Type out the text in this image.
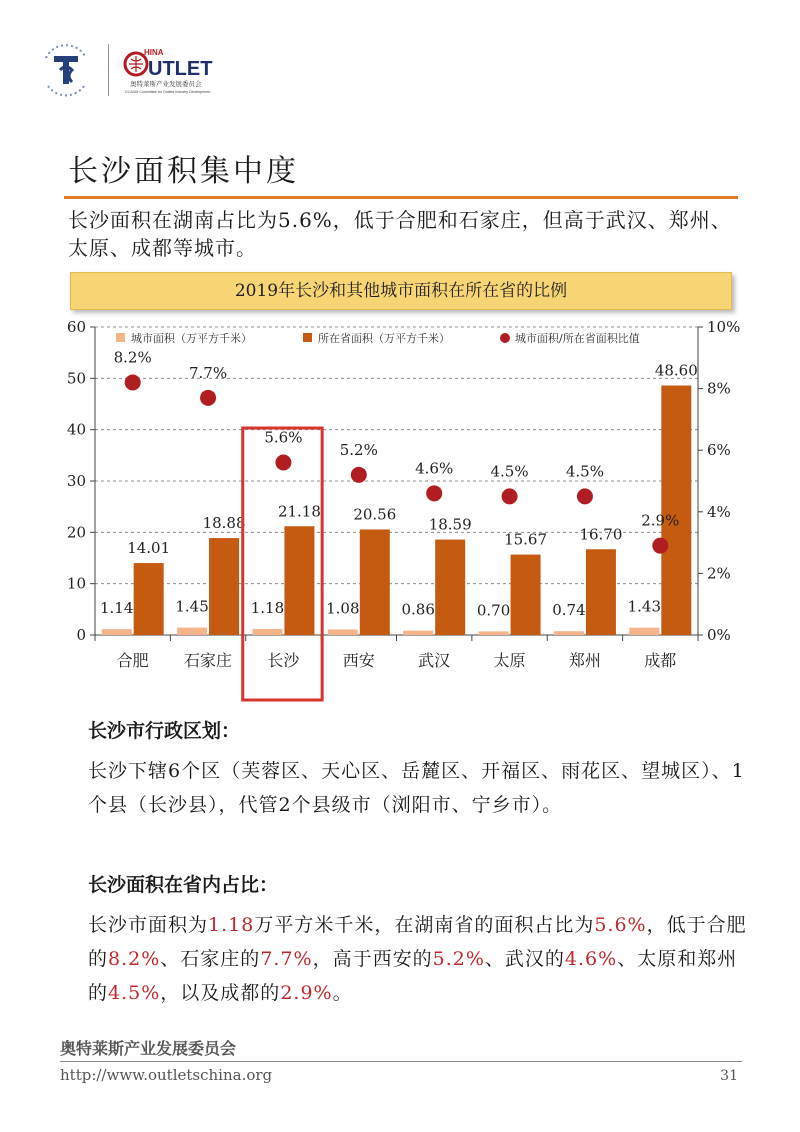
HINA
UTLET
奥特莱斯产业发展委员会
CCAGM Committee for Outlets Industry Development
长沙面积集中度

长沙面积在湖南占比为5.6%，低于合肥和石家庄，但高于武汉、郑州、太原、成都等城市。

2019年长沙和其他城市面积在所在省的比例
0
10
20
30
40
50
60
0%
2%
4%
6%
8%
10%
合肥 石家庄 长沙	西安	武汉	太原	郑州	成都
1.14
14.01
8.2%
1.45
18.88
7.7%
1.18
21.18
5.6%
1.08
20.56
5.2%
0.86
18.59
4.6%
0.70
15.67
4.5%
0.74
16.70
4.5%
1.43
48.60
2.9%
城市面积（万平方千米）	所在省面积（万平方千米）	城市面积/所在省面积比值
长沙市行政区划：

长沙下辖6个区（芙蓉区、天心区、岳麓区、开福区、雨花区、望城区）、1个县（长沙县），代管2个县级市（浏阳市、宁乡市）。

长沙面积在省内占比：

长沙市面积为1.18万平方米千米，在湖南省的面积占比为5.6%，低于合肥的8.2%、石家庄的7.7%，高于西安的5.2%、武汉的4.6%、太原和郑州的4.5%，以及成都的2.9%。

奥特莱斯产业发展委员会
http://www.outletschina.org	31
